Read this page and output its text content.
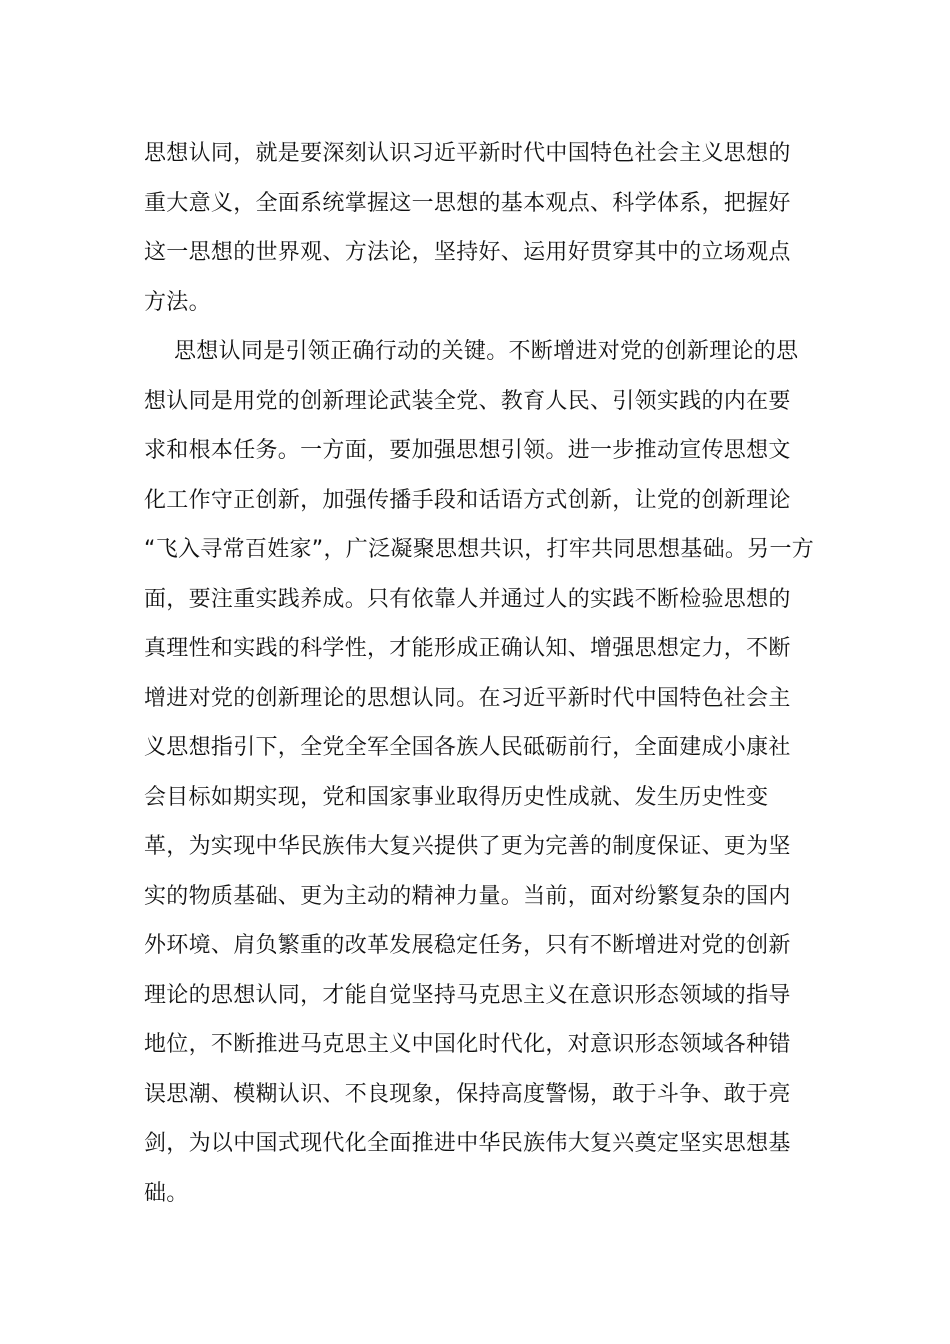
思想认同，就是要深刻认识习近平新时代中国特色社会主义思想的
重大意义，全面系统掌握这一思想的基本观点、科学体系，把握好
这一思想的世界观、方法论，坚持好、运用好贯穿其中的立场观点
方法。
思想认同是引领正确行动的关键。不断增进对党的创新理论的思
想认同是用党的创新理论武装全党、教育人民、引领实践的内在要
求和根本任务。一方面，要加强思想引领。进一步推动宣传思想文
化工作守正创新，加强传播手段和话语方式创新，让党的创新理论
“飞入寻常百姓家”，广泛凝聚思想共识，打牢共同思想基础。另一方
面，要注重实践养成。只有依靠人并通过人的实践不断检验思想的
真理性和实践的科学性，才能形成正确认知、增强思想定力，不断
增进对党的创新理论的思想认同。在习近平新时代中国特色社会主
义思想指引下，全党全军全国各族人民砥砺前行，全面建成小康社
会目标如期实现，党和国家事业取得历史性成就、发生历史性变
革，为实现中华民族伟大复兴提供了更为完善的制度保证、更为坚
实的物质基础、更为主动的精神力量。当前，面对纷繁复杂的国内
外环境、肩负繁重的改革发展稳定任务，只有不断增进对党的创新
理论的思想认同，才能自觉坚持马克思主义在意识形态领域的指导
地位，不断推进马克思主义中国化时代化，对意识形态领域各种错
误思潮、模糊认识、不良现象，保持高度警惕，敢于斗争、敢于亮
剑，为以中国式现代化全面推进中华民族伟大复兴奠定坚实思想基
础。
